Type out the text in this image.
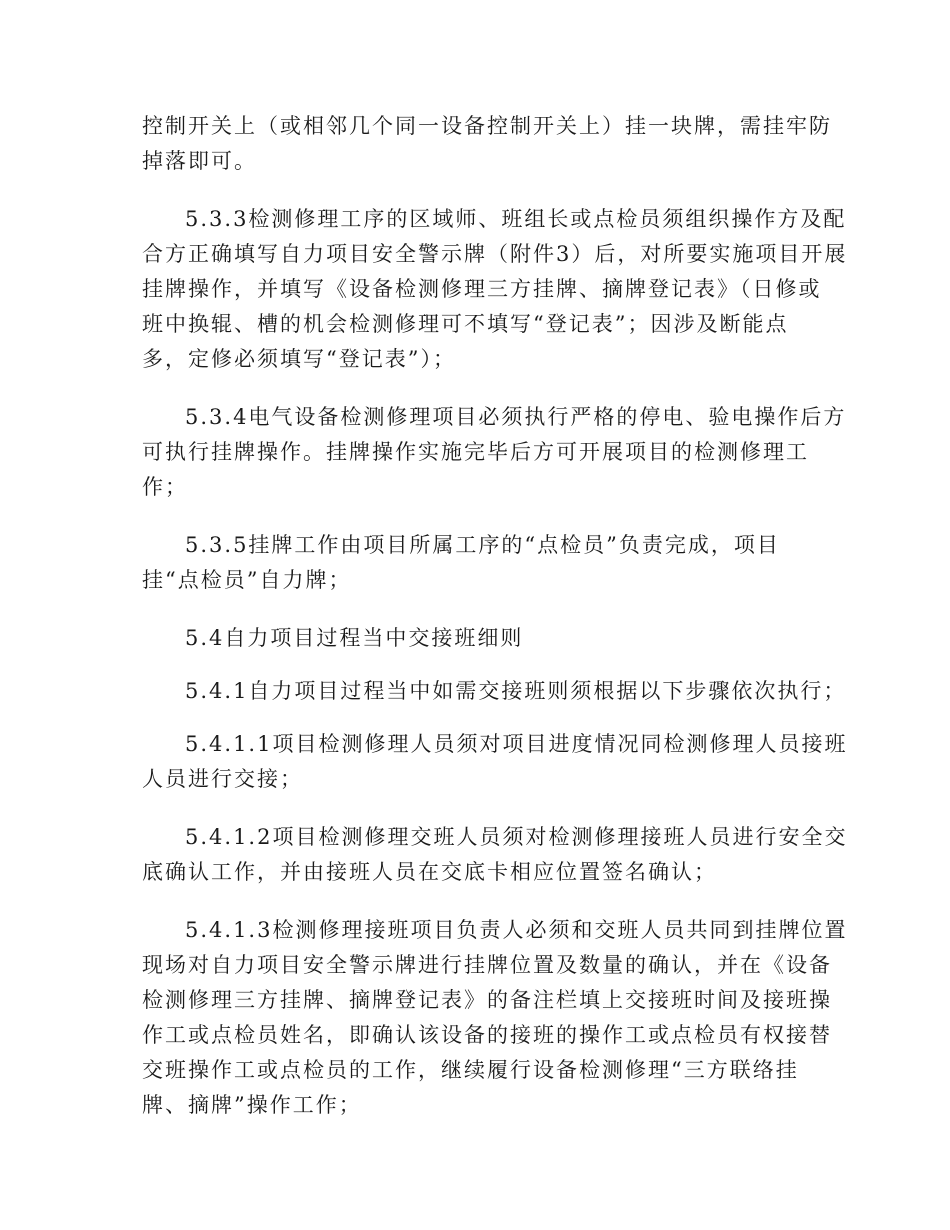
控制开关上（或相邻几个同一设备控制开关上）挂一块牌，需挂牢防
掉落即可。
5.3.3检测修理工序的区域师、班组长或点检员须组织操作方及配
合方正确填写自力项目安全警示牌（附件3）后，对所要实施项目开展
挂牌操作，并填写《设备检测修理三方挂牌、摘牌登记表》（日修或
班中换辊、槽的机会检测修理可不填写“登记表”；因涉及断能点
多，定修必须填写“登记表”）；
5.3.4电气设备检测修理项目必须执行严格的停电、验电操作后方
可执行挂牌操作。挂牌操作实施完毕后方可开展项目的检测修理工
作；
5.3.5挂牌工作由项目所属工序的“点检员”负责完成，项目
挂“点检员”自力牌；
5.4自力项目过程当中交接班细则
5.4.1自力项目过程当中如需交接班则须根据以下步骤依次执行；
5.4.1.1项目检测修理人员须对项目进度情况同检测修理人员接班
人员进行交接；
5.4.1.2项目检测修理交班人员须对检测修理接班人员进行安全交
底确认工作，并由接班人员在交底卡相应位置签名确认；
5.4.1.3检测修理接班项目负责人必须和交班人员共同到挂牌位置
现场对自力项目安全警示牌进行挂牌位置及数量的确认，并在《设备
检测修理三方挂牌、摘牌登记表》的备注栏填上交接班时间及接班操
作工或点检员姓名，即确认该设备的接班的操作工或点检员有权接替
交班操作工或点检员的工作，继续履行设备检测修理“三方联络挂
牌、摘牌”操作工作；
